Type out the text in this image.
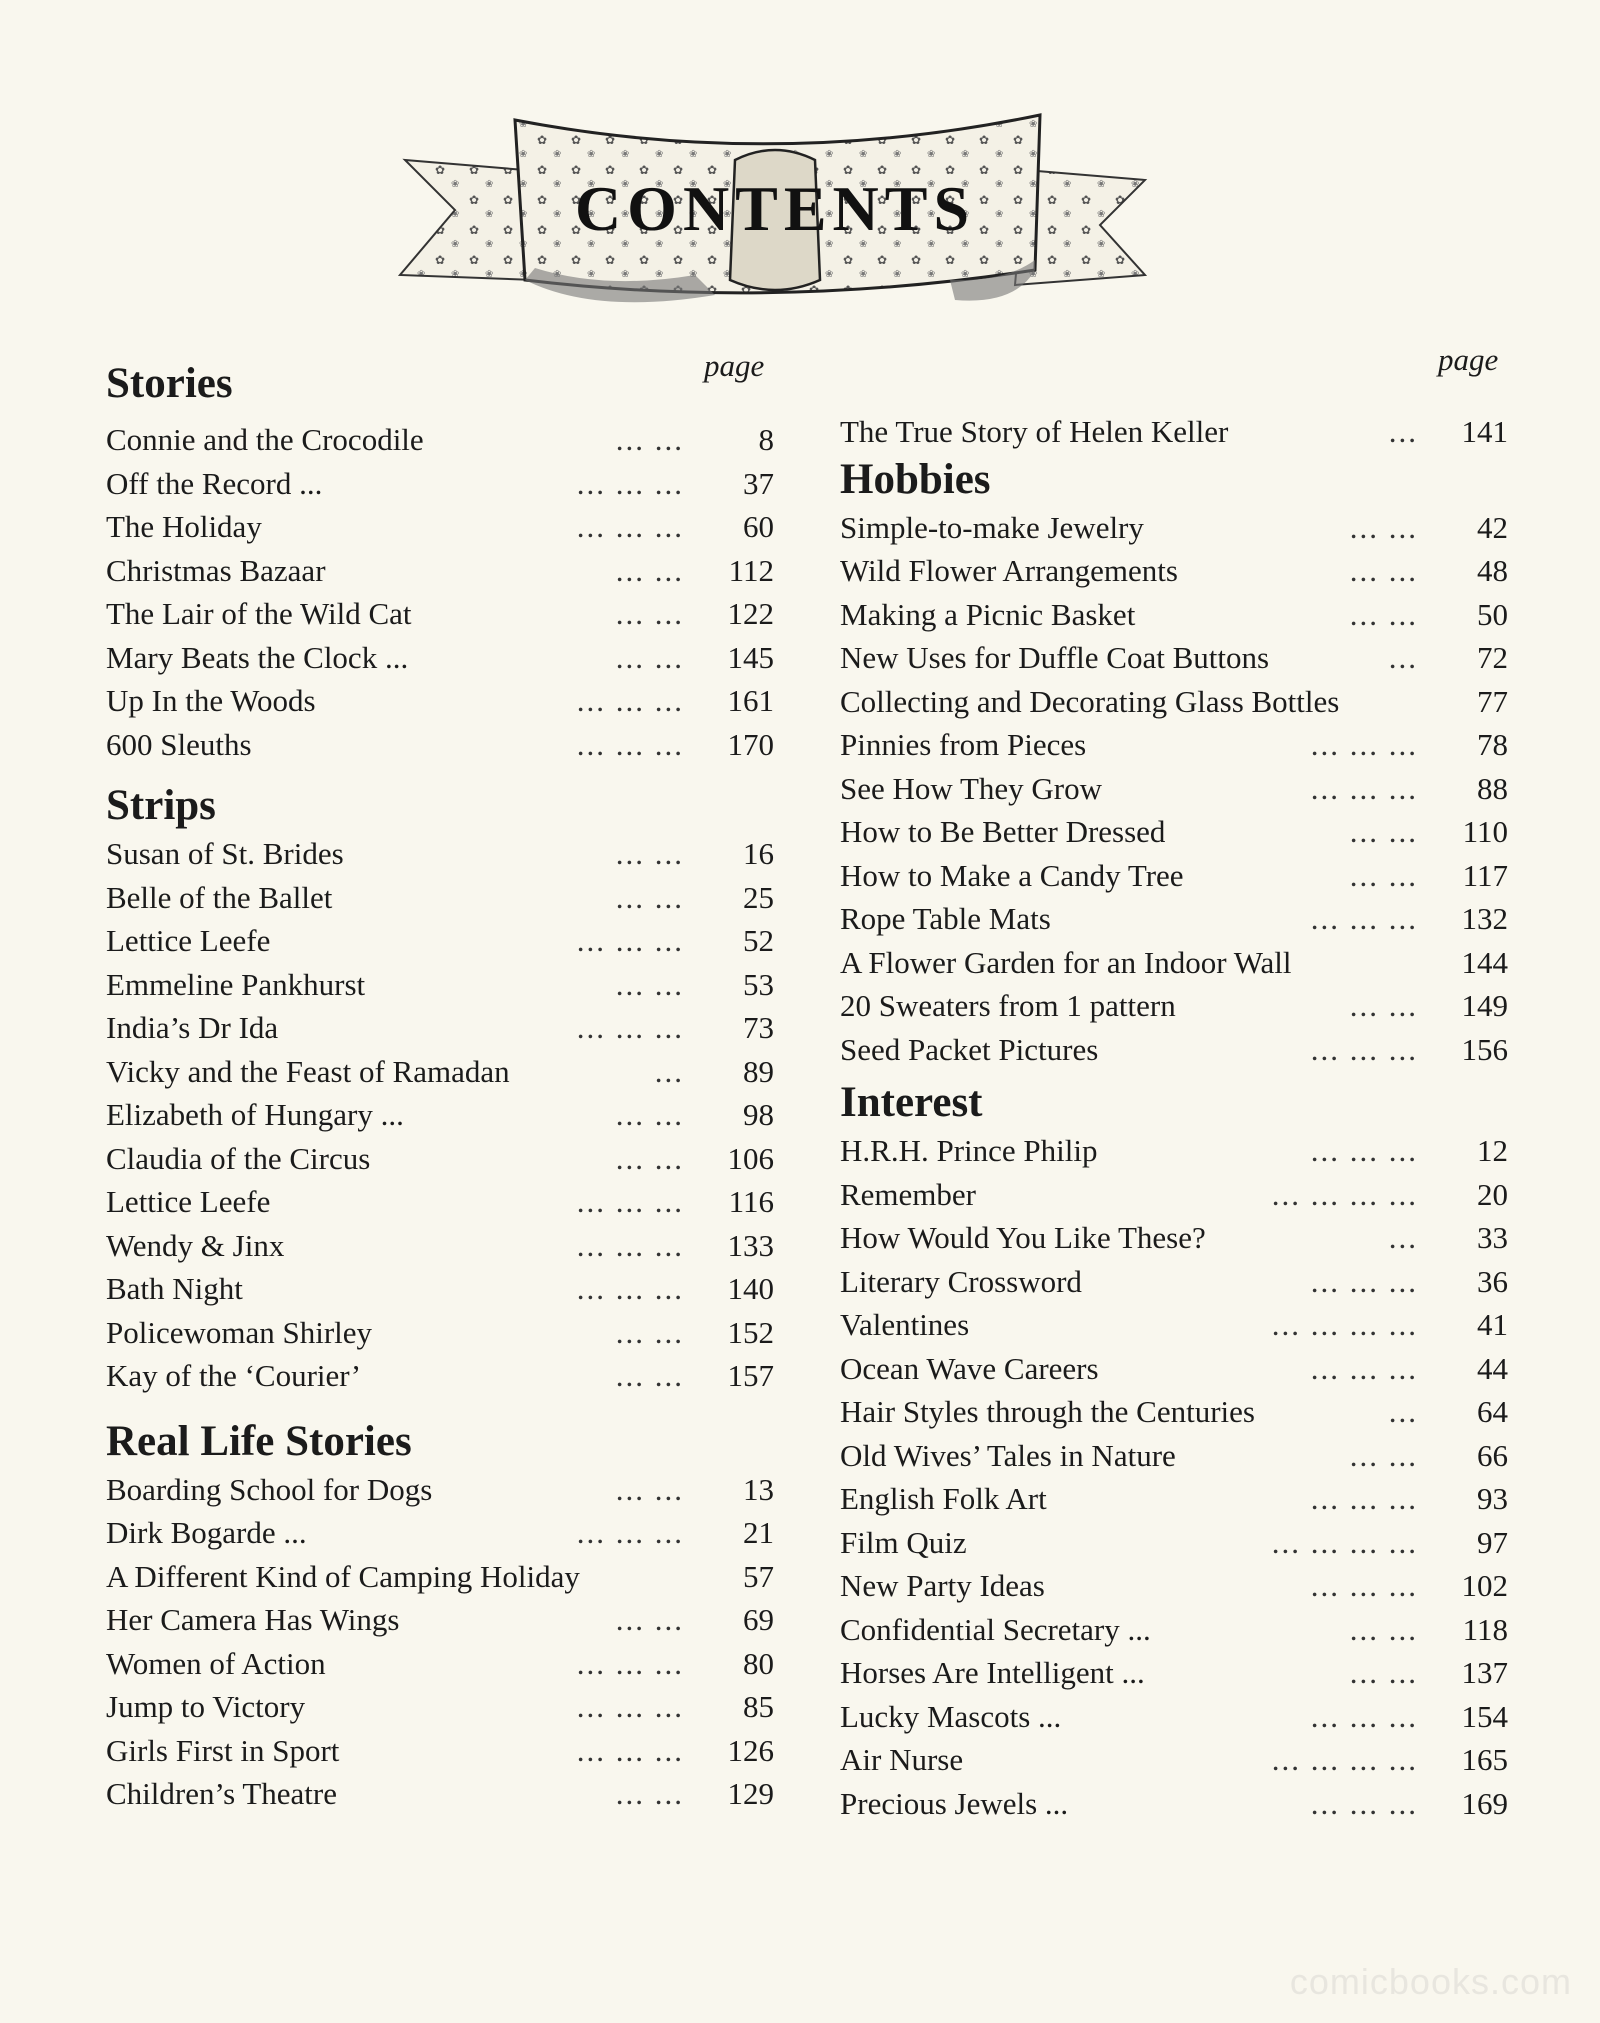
CONTENTS
page
Stories
Connie and the Crocodile	... ...	8
Off the Record ...	... ... ...	37
The Holiday	... ... ...	60
Christmas Bazaar	... ...	112
The Lair of the Wild Cat	... ...	122
Mary Beats the Clock ...	... ...	145
Up In the Woods	... ... ...	161
600 Sleuths	... ... ...	170
Strips
Susan of St. Brides	... ...	16
Belle of the Ballet	... ...	25
Lettice Leefe	... ... ...	52
Emmeline Pankhurst	... ...	53
India’s Dr Ida	... ... ...	73
Vicky and the Feast of Ramadan	...	89
Elizabeth of Hungary ...	... ...	98
Claudia of the Circus	... ...	106
Lettice Leefe	... ... ...	116
Wendy & Jinx	... ... ...	133
Bath Night	... ... ...	140
Policewoman Shirley	... ...	152
Kay of the ‘Courier’	... ...	157
Real Life Stories
Boarding School for Dogs	... ...	13
Dirk Bogarde ...	... ... ...	21
A Different Kind of Camping Holiday	57
Her Camera Has Wings	... ...	69
Women of Action	... ... ...	80
Jump to Victory	... ... ...	85
Girls First in Sport	... ... ...	126
Children’s Theatre	... ...	129
page
The True Story of Helen Keller	...	141
Hobbies
Simple-to-make Jewelry	... ...	42
Wild Flower Arrangements	... ...	48
Making a Picnic Basket	... ...	50
New Uses for Duffle Coat Buttons	...	72
Collecting and Decorating Glass Bottles	77
Pinnies from Pieces	... ... ...	78
See How They Grow	... ... ...	88
How to Be Better Dressed	... ...	110
How to Make a Candy Tree	... ...	117
Rope Table Mats	... ... ...	132
A Flower Garden for an Indoor Wall	144
20 Sweaters from 1 pattern	... ...	149
Seed Packet Pictures	... ... ...	156
Interest
H.R.H. Prince Philip	... ... ...	12
Remember	... ... ... ...	20
How Would You Like These?	...	33
Literary Crossword	... ... ...	36
Valentines	... ... ... ...	41
Ocean Wave Careers	... ... ...	44
Hair Styles through the Centuries	...	64
Old Wives’ Tales in Nature	... ...	66
English Folk Art	... ... ...	93
Film Quiz	... ... ... ...	97
New Party Ideas	... ... ...	102
Confidential Secretary ...	... ...	118
Horses Are Intelligent ...	... ...	137
Lucky Mascots ...	... ... ...	154
Air Nurse	... ... ... ...	165
Precious Jewels ...	... ... ...	169
comicbooks.com
